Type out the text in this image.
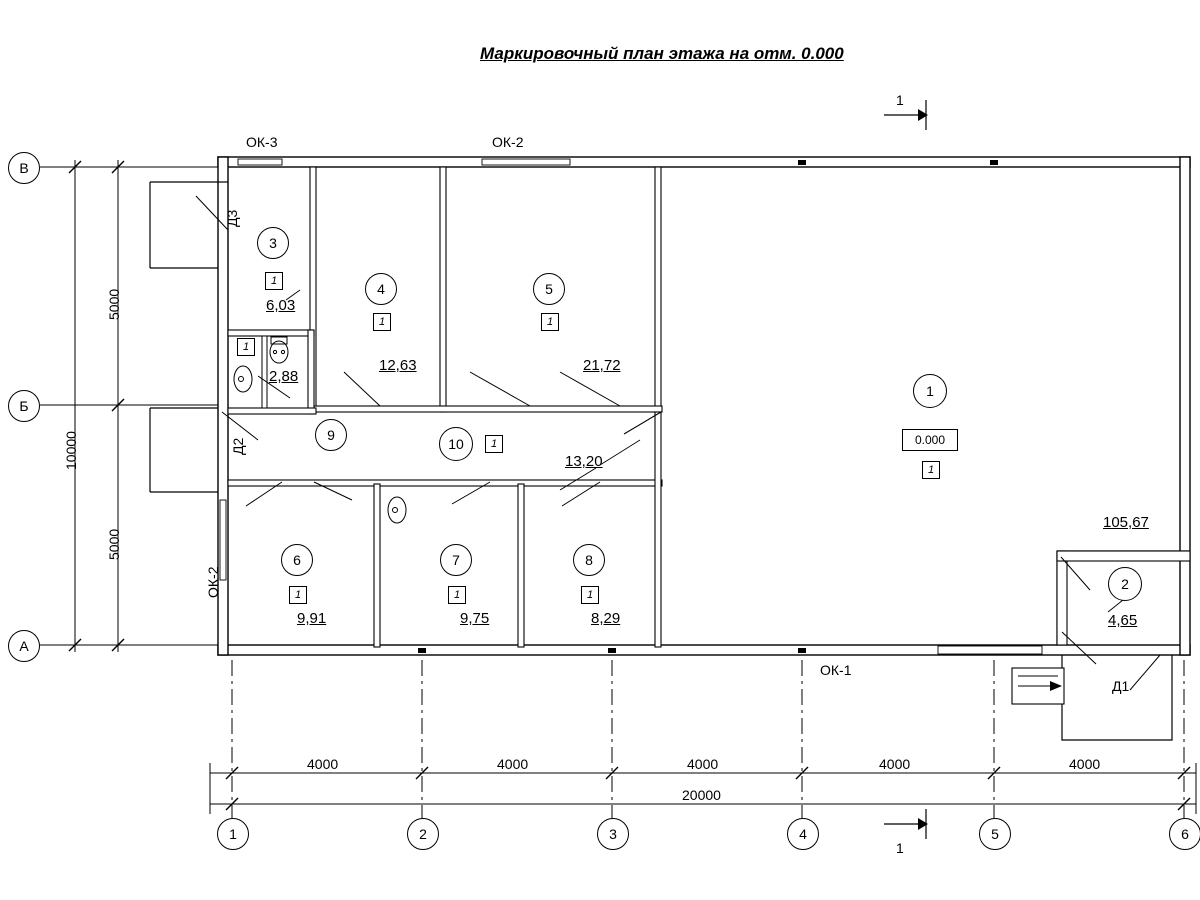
Маркировочный план этажа на отм. 0.000
1
1
В
Б
А
1	2	3	4	5	6
5000
5000
10000
4000	4000	4000	4000	4000
20000
ОК-3	ОК-2
ОК-2
ОК-1
Д1
Д2
Д3
1
0.000
1
105,67
2
4,65
3
1
6,03
4
1
12,63
5
1
21,72
6
1
9,91
7
1
9,75
8
1
8,29
9
1
2,88
10	1
13,20
